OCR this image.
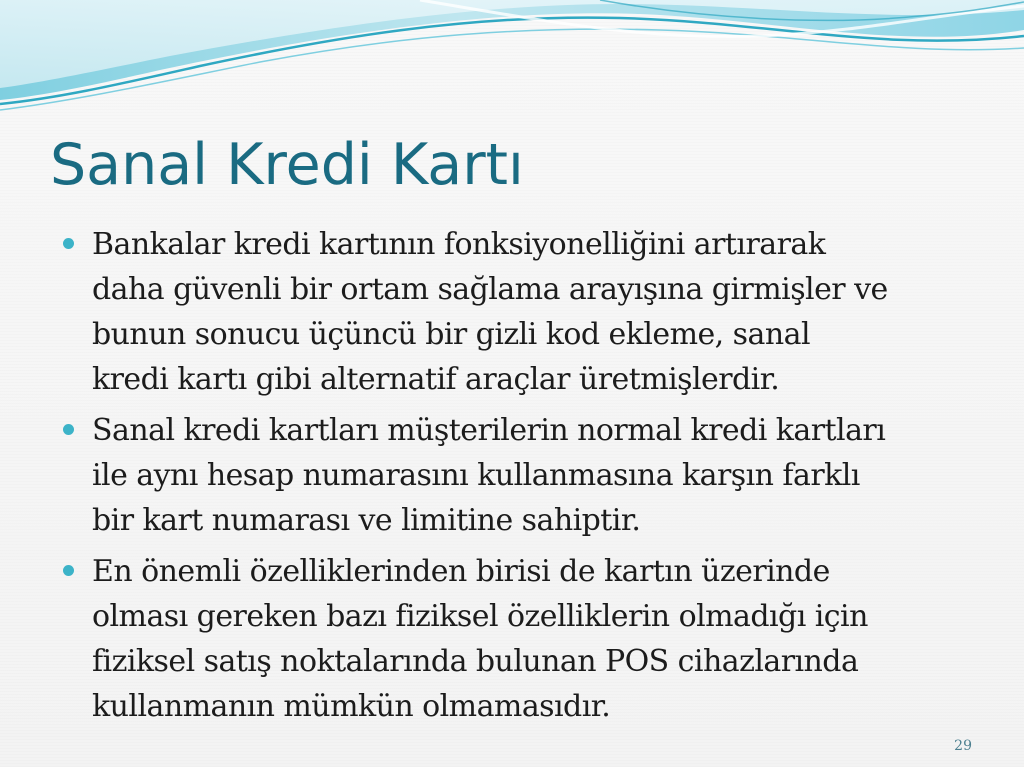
Sanal Kredi Kartı
Bankalar kredi kartının fonksiyonelliğini artırarak
daha güvenli bir ortam sağlama arayışına girmişler ve
bunun sonucu üçüncü bir gizli kod ekleme, sanal
kredi kartı gibi alternatif araçlar üretmişlerdir.
Sanal kredi kartları müşterilerin normal kredi kartları
ile aynı hesap numarasını kullanmasına karşın farklı
bir kart numarası ve limitine sahiptir.
En önemli özelliklerinden birisi de kartın üzerinde
olması gereken bazı fiziksel özelliklerin olmadığı için
fiziksel satış noktalarında bulunan POS cihazlarında
kullanmanın mümkün olmamasıdır.
29
